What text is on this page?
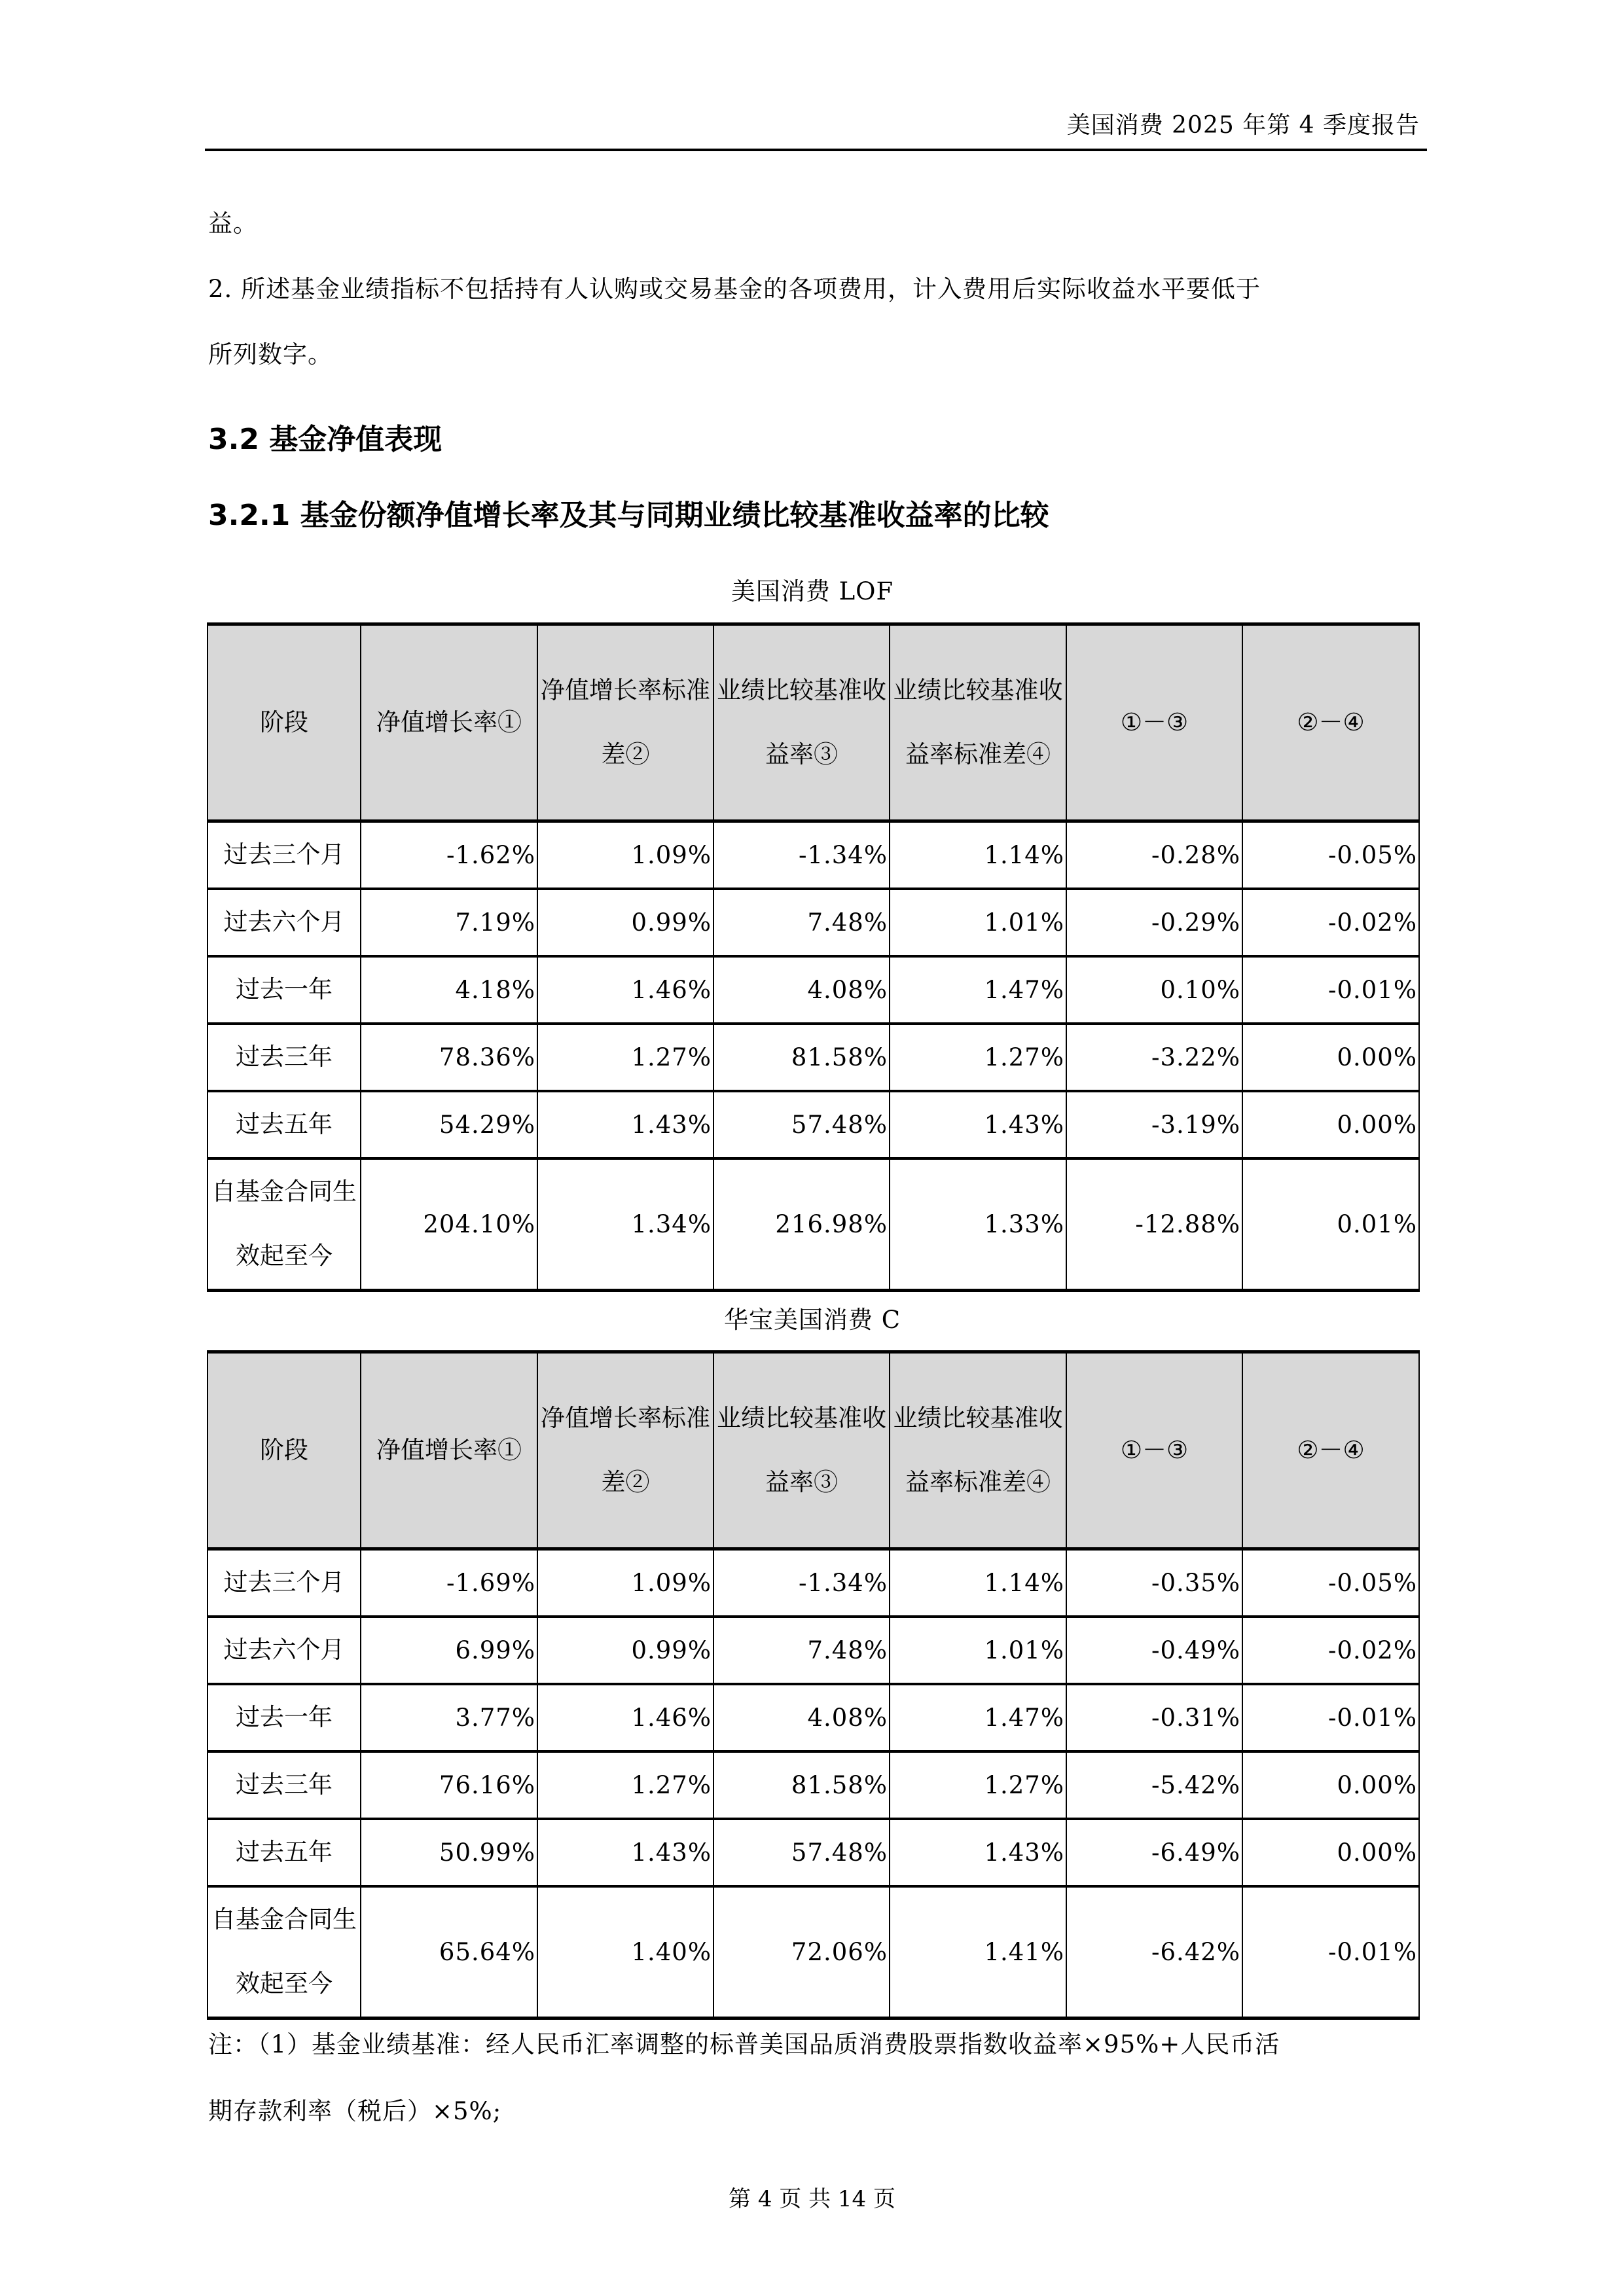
美国消费 2025 年第 4 季度报告
益。
2. 所述基金业绩指标不包括持有人认购或交易基金的各项费用，计入费用后实际收益水平要低于
所列数字。
3.2 基金净值表现
3.2.1 基金份额净值增长率及其与同期业绩比较基准收益率的比较
美国消费 LOF
阶段	净值增长率①	净值增长率标准差②	业绩比较基准收益率③	业绩比较基准收益率标准差④	①－③	②－④
过去三个月	-1.62%	1.09%	-1.34%	1.14%	-0.28%	-0.05%
过去六个月	7.19%	0.99%	7.48%	1.01%	-0.29%	-0.02%
过去一年	4.18%	1.46%	4.08%	1.47%	0.10%	-0.01%
过去三年	78.36%	1.27%	81.58%	1.27%	-3.22%	0.00%
过去五年	54.29%	1.43%	57.48%	1.43%	-3.19%	0.00%
自基金合同生效起至今	204.10%	1.34%	216.98%	1.33%	-12.88%	0.01%
华宝美国消费 C
阶段	净值增长率①	净值增长率标准差②	业绩比较基准收益率③	业绩比较基准收益率标准差④	①－③	②－④
过去三个月	-1.69%	1.09%	-1.34%	1.14%	-0.35%	-0.05%
过去六个月	6.99%	0.99%	7.48%	1.01%	-0.49%	-0.02%
过去一年	3.77%	1.46%	4.08%	1.47%	-0.31%	-0.01%
过去三年	76.16%	1.27%	81.58%	1.27%	-5.42%	0.00%
过去五年	50.99%	1.43%	57.48%	1.43%	-6.49%	0.00%
自基金合同生效起至今	65.64%	1.40%	72.06%	1.41%	-6.42%	-0.01%
注：（1）基金业绩基准：经人民币汇率调整的标普美国品质消费股票指数收益率×95%+人民币活
期存款利率（税后）×5%;
第 4 页 共 14 页
